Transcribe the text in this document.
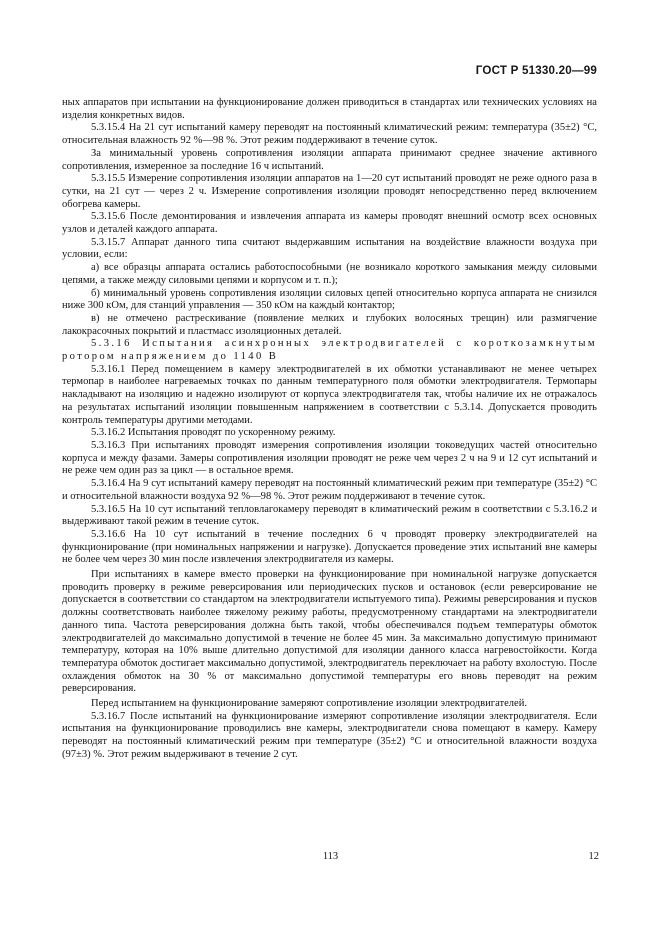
ГОСТ Р 51330.20—99

ных аппаратов при испытании на функционирование должен приводиться в стандартах или технических условиях на изделия конкретных видов.

5.3.15.4 На 21 сут испытаний камеру переводят на постоянный климатический режим: температура (35±2) °С, относительная влажность 92 %—98 %. Этот режим поддерживают в течение суток.

За минимальный уровень сопротивления изоляции аппарата принимают среднее значение активного сопротивления, измеренное за последние 16 ч испытаний.

5.3.15.5 Измерение сопротивления изоляции аппаратов на 1—20 сут испытаний проводят не реже одного раза в сутки, на 21 сут — через 2 ч. Измерение сопротивления изоляции проводят непосредственно перед включением обогрева камеры.

5.3.15.6 После демонтирования и извлечения аппарата из камеры проводят внешний осмотр всех основных узлов и деталей каждого аппарата.

5.3.15.7 Аппарат данного типа считают выдержавшим испытания на воздействие влажности воздуха при условии, если:

а) все образцы аппарата остались работоспособными (не возникало короткого замыкания между силовыми цепями, а также между силовыми цепями и корпусом и т. п.);

б) минимальный уровень сопротивления изоляции силовых цепей относительно корпуса аппарата не снизился ниже 300 кОм, для станций управления — 350 кОм на каждый контактор;

в) не отмечено растрескивание (появление мелких и глубоких волосяных трещин) или размягчение лакокрасочных покрытий и пластмасс изоляционных деталей.

5.3.16 Испытания асинхронных электродвигателей с короткозамкнутым ротором напряжением до 1140 В

5.3.16.1 Перед помещением в камеру электродвигателей в их обмотки устанавливают не менее четырех термопар в наиболее нагреваемых точках по данным температурного поля обмотки электродвигателя. Термопары накладывают на изоляцию и надежно изолируют от корпуса электродвигателя так, чтобы наличие их не отражалось на результатах испытаний изоляции повышенным напряжением в соответствии с 5.3.14. Допускается проводить контроль температуры другими методами.

5.3.16.2 Испытания проводят по ускоренному режиму.

5.3.16.3 При испытаниях проводят измерения сопротивления изоляции токоведущих частей относительно корпуса и между фазами. Замеры сопротивления изоляции проводят не реже чем через 2 ч на 9 и 12 сут испытаний и не реже чем один раз за цикл — в остальное время.

5.3.16.4 На 9 сут испытаний камеру переводят на постоянный климатический режим при температуре (35±2) °С и относительной влажности воздуха 92 %—98 %. Этот режим поддерживают в течение суток.

5.3.16.5 На 10 сут испытаний тепловлагокамеру переводят в климатический режим в соответствии с 5.3.16.2 и выдерживают такой режим в течение суток.

5.3.16.6 На 10 сут испытаний в течение последних 6 ч проводят проверку электродвигателей на функционирование (при номинальных напряжении и нагрузке). Допускается проведение этих испытаний вне камеры не более чем через 30 мин после извлечения электродвигателя из камеры.

При испытаниях в камере вместо проверки на функционирование при номинальной нагрузке допускается проводить проверку в режиме реверсирования или периодических пусков и остановок (если реверсирование не допускается в соответствии со стандартом на электродвигатели испытуемого типа). Режимы реверсирования и пусков должны соответствовать наиболее тяжелому режиму работы, предусмотренному стандартами на электродвигатели данного типа. Частота реверсирования должна быть такой, чтобы обеспечивался подъем температуры обмоток электродвигателей до максимально допустимой в течение не более 45 мин. За максимально допустимую принимают температуру, которая на 10% выше длительно допустимой для изоляции данного класса нагревостойкости. Когда температура обмоток достигает максимально допустимой, электродвигатель переключает на работу вхолостую. После охлаждения обмоток на 30 % от максимально допустимой температуры его вновь переводят на режим реверсирования.

Перед испытанием на функционирование замеряют сопротивление изоляции электродвигателей.

5.3.16.7 После испытаний на функционирование измеряют сопротивление изоляции электродвигателя. Если испытания на функционирование проводились вне камеры, электродвигатели снова помещают в камеру. Камеру переводят на постоянный климатический режим при температуре (35±2) °С и относительной влажности воздуха (97±3) %. Этот режим выдерживают в течение 2 сут.

113	12
